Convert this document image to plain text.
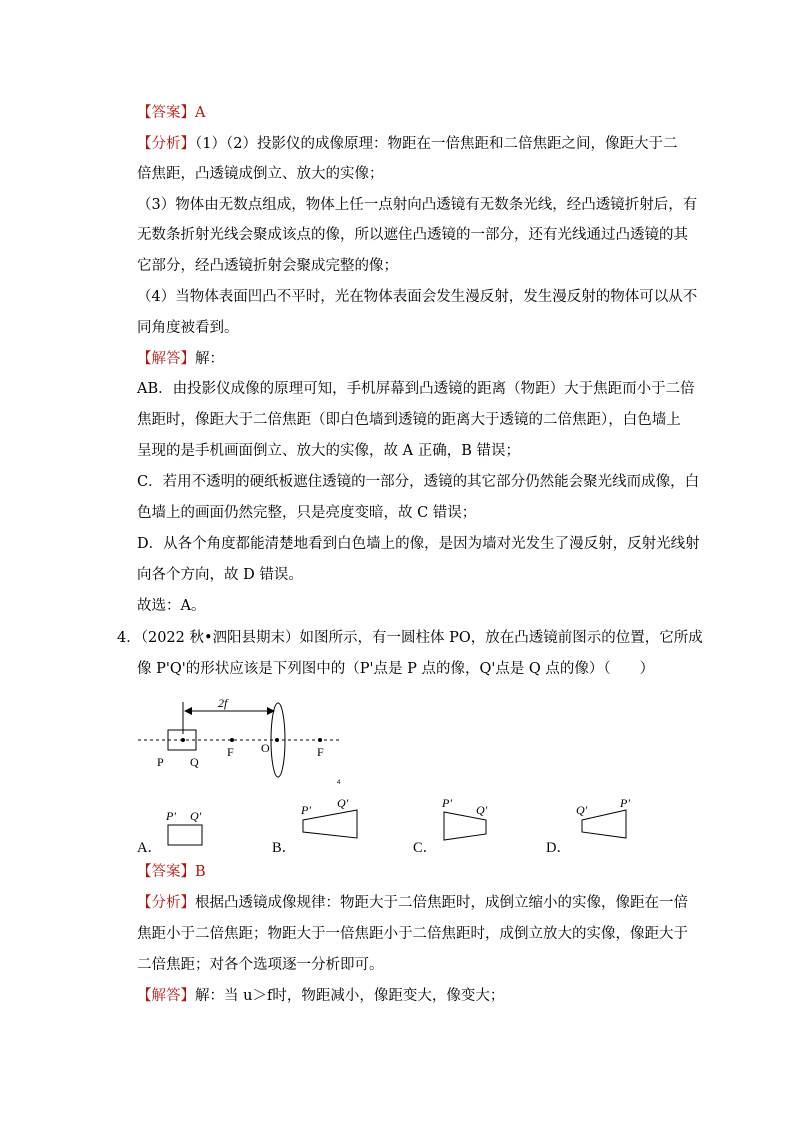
【答案】A
【分析】（1）（2）投影仪的成像原理：物距在一倍焦距和二倍焦距之间，像距大于二
倍焦距，凸透镜成倒立、放大的实像；
（3）物体由无数点组成，物体上任一点射向凸透镜有无数条光线，经凸透镜折射后，有
无数条折射光线会聚成该点的像，所以遮住凸透镜的一部分，还有光线通过凸透镜的其
它部分，经凸透镜折射会聚成完整的像；
（4）当物体表面凹凸不平时，光在物体表面会发生漫反射，发生漫反射的物体可以从不
同角度被看到。
【解答】解：
AB．由投影仪成像的原理可知，手机屏幕到凸透镜的距离（物距）大于焦距而小于二倍
焦距时，像距大于二倍焦距（即白色墙到透镜的距离大于透镜的二倍焦距），白色墙上
呈现的是手机画面倒立、放大的实像，故 A 正确，B 错误；
C．若用不透明的硬纸板遮住透镜的一部分，透镜的其它部分仍然能会聚光线而成像，白
色墙上的画面仍然完整，只是亮度变暗，故 C 错误；
D．从各个角度都能清楚地看到白色墙上的像，是因为墙对光发生了漫反射，反射光线射
向各个方向，故 D 错误。
故选：A。
4．（2022 秋•泗阳县期末）如图所示，有一圆柱体 PO，放在凸透镜前图示的位置，它所成
像 P'Q'的形状应该是下列图中的（P'点是 P 点的像，Q'点是 Q 点的像）（　　）
2f
P Q
F O	F
4
A．
P' Q'
B．
P' Q'
C．
P' Q'
D．
Q'	P'
【答案】B
【分析】根据凸透镜成像规律：物距大于二倍焦距时，成倒立缩小的实像，像距在一倍
焦距小于二倍焦距；物距大于一倍焦距小于二倍焦距时，成倒立放大的实像，像距大于
二倍焦距；对各个选项逐一分析即可。
【解答】解：当 u＞f时，物距减小，像距变大，像变大；
